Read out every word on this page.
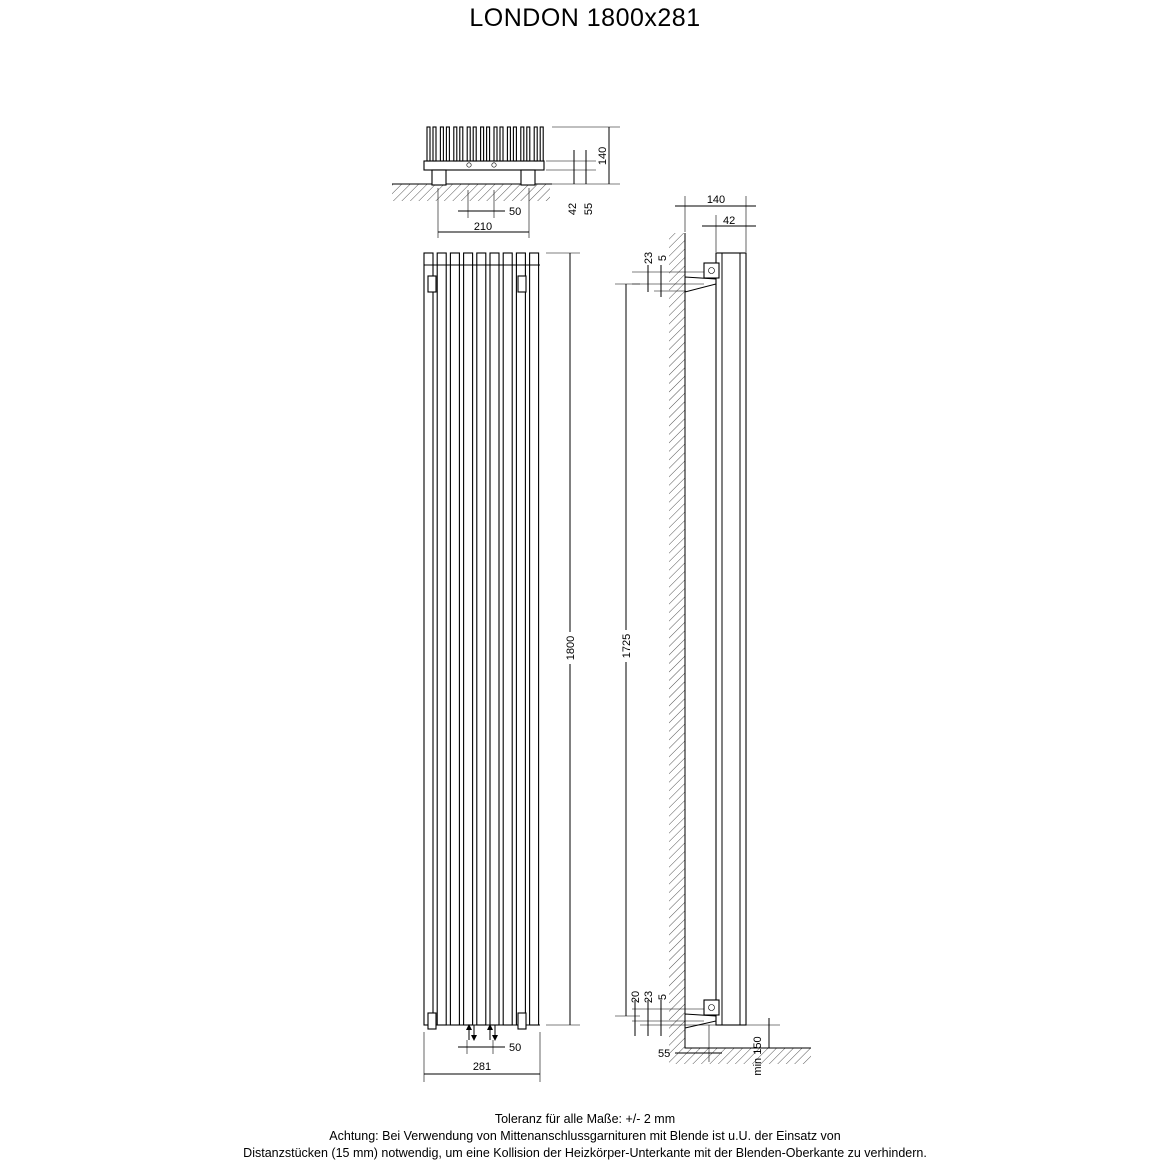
LONDON 1800x281
140
42 55
50
210
1800
50
281
140
42
23 5
1725
20 23 5
55	min 150
Toleranz für alle Maße: +/- 2 mm
Achtung: Bei Verwendung von Mittenanschlussgarnituren mit Blende ist u.U. der Einsatz von
Distanzstücken (15 mm) notwendig, um eine Kollision der Heizkörper-Unterkante mit der Blenden-Oberkante zu verhindern.
